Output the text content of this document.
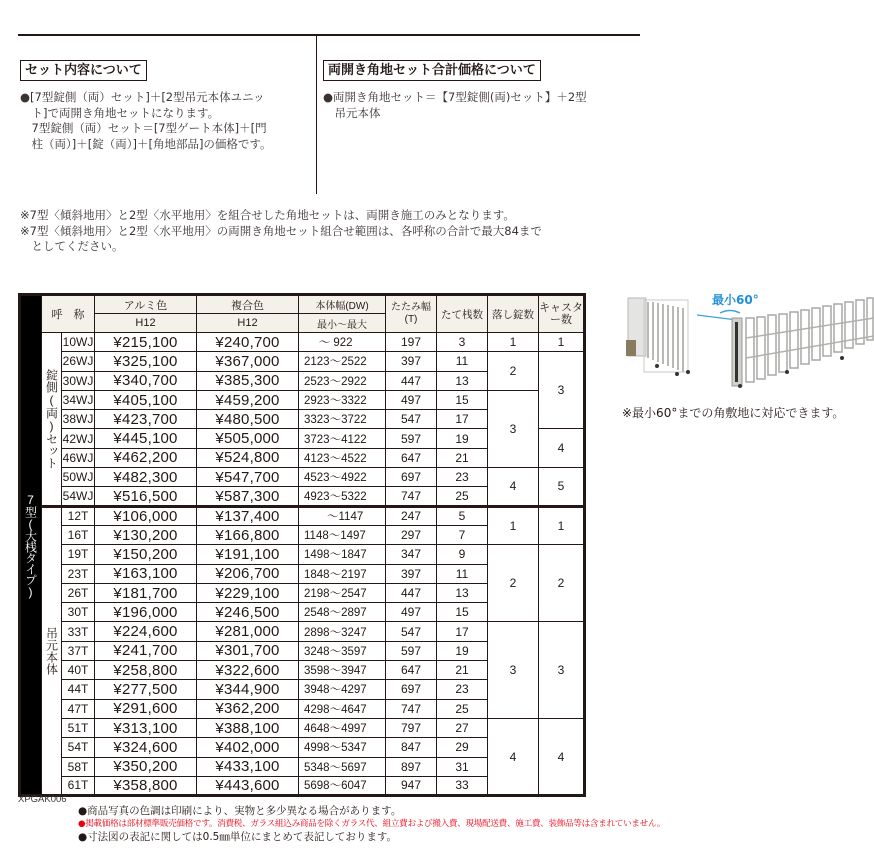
セット内容について
●[7型錠側（両）セット]＋[2型吊元本体ユニッ
　ト]で両開き角地セットになります。
　7型錠側（両）セット＝[7型ゲート本体]＋[門
　柱（両）]＋[錠（両）]＋[角地部品]の価格です。
両開き角地セット合計価格について
●両開き角地セット＝【7型錠側(両)セット】＋2型
　吊元本体
※7型〈傾斜地用〉と2型〈水平地用〉を組合せした角地セットは、両開き施工のみとなります。
※7型〈傾斜地用〉と2型〈水平地用〉の両開き角地セット組合せ範囲は、各呼称の合計で最大84まで
　としてください。
7型(大桟タイプ)	呼　称		アルミ色	複合色	本体幅(DW)	たたみ幅(T)	たて桟数	落し錠数	キャスター数
			H12	H12	最小〜最大				
	錠側(両)セット	10WJ	¥215,100	¥240,700	　 〜 922	197	3	1	1
		26WJ	¥325,100	¥367,000	2123〜2522	397	11	2	3
		30WJ	¥340,700	¥385,300	2523〜2922	447	13		
		34WJ	¥405,100	¥459,200	2923〜3322	497	15	3	
		38WJ	¥423,700	¥480,500	3323〜3722	547	17		
		42WJ	¥445,100	¥505,000	3723〜4122	597	19		4
		46WJ	¥462,200	¥524,800	4123〜4522	647	21		
		50WJ	¥482,300	¥547,700	4523〜4922	697	23	4	5
		54WJ	¥516,500	¥587,300	4923〜5322	747	25		
	吊元本体	12T	¥106,000	¥137,400	　　〜1147	247	5	1	1
		16T	¥130,200	¥166,800	1148〜1497	297	7		
		19T	¥150,200	¥191,100	1498〜1847	347	9	2	2
		23T	¥163,100	¥206,700	1848〜2197	397	11		
		26T	¥181,700	¥229,100	2198〜2547	447	13		
		30T	¥196,000	¥246,500	2548〜2897	497	15		
		33T	¥224,600	¥281,000	2898〜3247	547	17	3	3
		37T	¥241,700	¥301,700	3248〜3597	597	19		
		40T	¥258,800	¥322,600	3598〜3947	647	21		
		44T	¥277,500	¥344,900	3948〜4297	697	23		
		47T	¥291,600	¥362,200	4298〜4647	747	25		
		51T	¥313,100	¥388,100	4648〜4997	797	27	4	4
		54T	¥324,600	¥402,000	4998〜5347	847	29		
		58T	¥350,200	¥433,100	5348〜5697	897	31		
		61T	¥358,800	¥443,600	5698〜6047	947	33		
XPGAK006
最小60°
※最小60°までの角敷地に対応できます。
●商品写真の色調は印刷により、実物と多少異なる場合があります。
●掲載価格は部材標準販売価格です。消費税、ガラス組込み商品を除くガラス代、組立費および搬入費、現場配送費、施工費、装飾品等は含まれていません。
●寸法図の表記に関しては0.5㎜単位にまとめて表記しております。
